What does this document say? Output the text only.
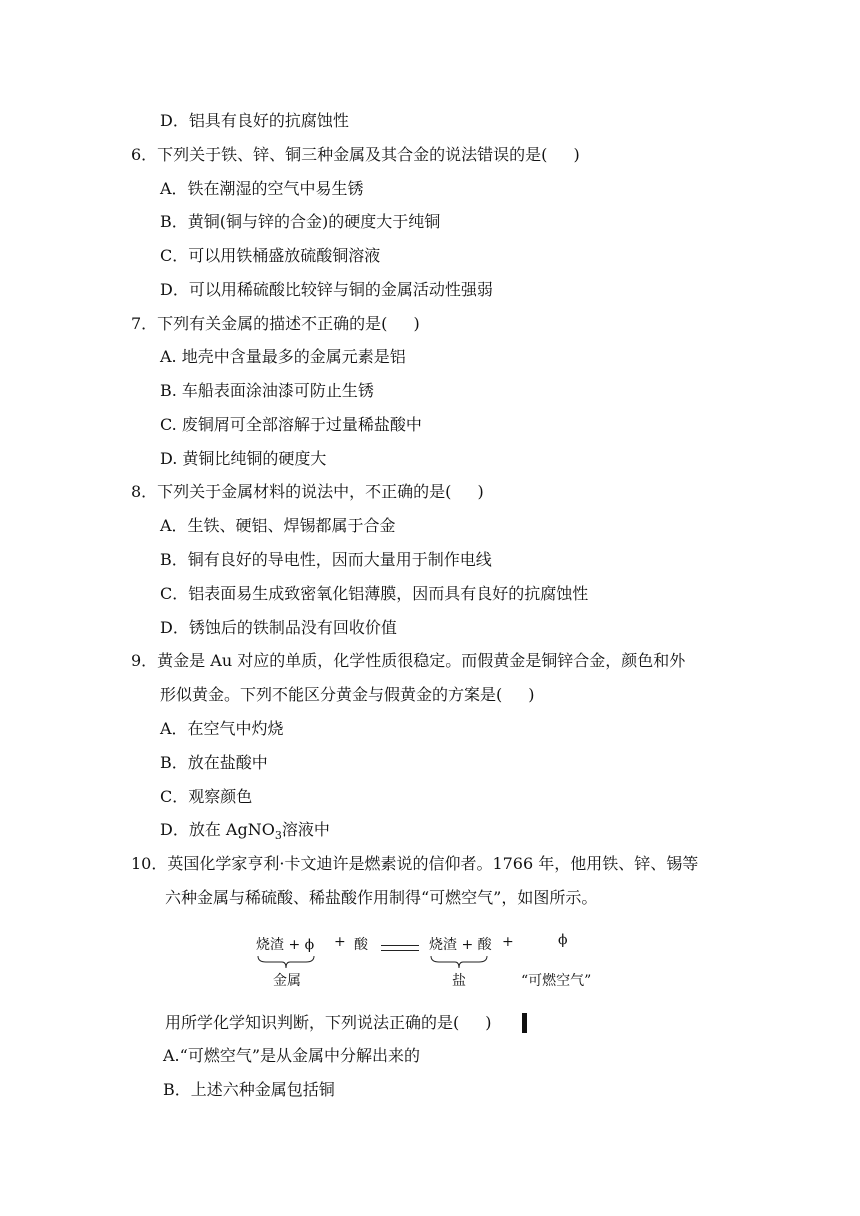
D．铝具有良好的抗腐蚀性
6．下列关于铁、锌、铜三种金属及其合金的说法错误的是( )
A．铁在潮湿的空气中易生锈
B．黄铜(铜与锌的合金)的硬度大于纯铜
C．可以用铁桶盛放硫酸铜溶液
D．可以用稀硫酸比较锌与铜的金属活动性强弱
7．下列有关金属的描述不正确的是( )
A. 地壳中含量最多的金属元素是铝
B. 车船表面涂油漆可防止生锈
C. 废铜屑可全部溶解于过量稀盐酸中
D. 黄铜比纯铜的硬度大
8．下列关于金属材料的说法中，不正确的是( )
A．生铁、硬铝、焊锡都属于合金
B．铜有良好的导电性，因而大量用于制作电线
C．铝表面易生成致密氧化铝薄膜，因而具有良好的抗腐蚀性
D．锈蚀后的铁制品没有回收价值
9．黄金是 Au 对应的单质，化学性质很稳定。而假黄金是铜锌合金，颜色和外
形似黄金。下列不能区分黄金与假黄金的方案是( )
A．在空气中灼烧
B．放在盐酸中
C．观察颜色
D．放在 AgNO$_3$溶液中
10．英国化学家亨利·卡文迪许是燃素说的信仰者。1766 年，他用铁、锌、锡等
六种金属与稀硫酸、稀盐酸作用制得“可燃空气”，如图所示。
烧渣 + ϕ
金属
+ 酸	烧渣 + 酸
盐
+	ϕ
“可燃空气”
用所学化学知识判断，下列说法正确的是( )
A.“可燃空气”是从金属中分解出来的
B．上述六种金属包括铜
